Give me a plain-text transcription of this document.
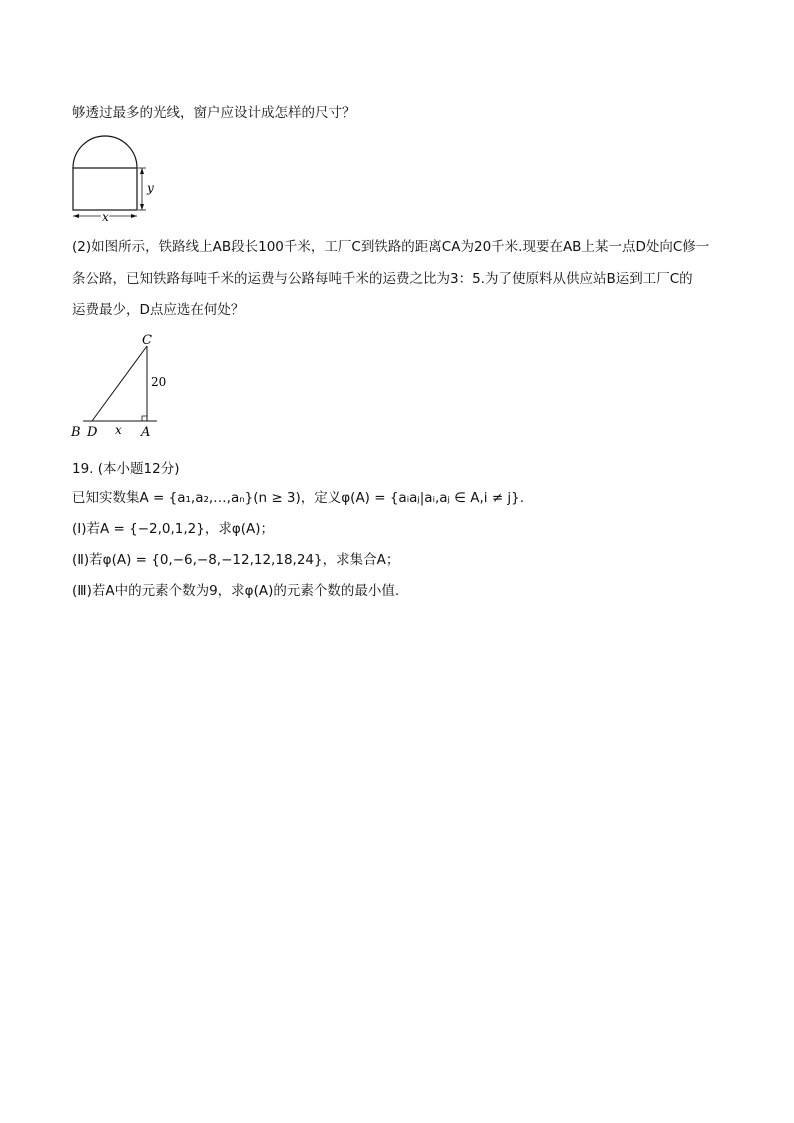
够透过最多的光线，窗户应设计成怎样的尺寸？
y
x
(2)如图所示，铁路线上AB段长100千米，工厂C到铁路的距离CA为20千米.现要在AB上某一点D处向C修一
条公路，已知铁路每吨千米的运费与公路每吨千米的运费之比为3：5.为了使原料从供应站B运到工厂C的
运费最少，D点应选在何处？
C
20
B D x A
19. (本小题12分)
已知实数集A = {a₁,a₂,…,aₙ}(n ≥ 3)，定义φ(A) = {aᵢaⱼ|aᵢ,aⱼ ∈ A,i ≠ j}.
(Ⅰ)若A = {−2,0,1,2}，求φ(A)；
(Ⅱ)若φ(A) = {0,−6,−8,−12,12,18,24}，求集合A；
(Ⅲ)若A中的元素个数为9，求φ(A)的元素个数的最小值.
